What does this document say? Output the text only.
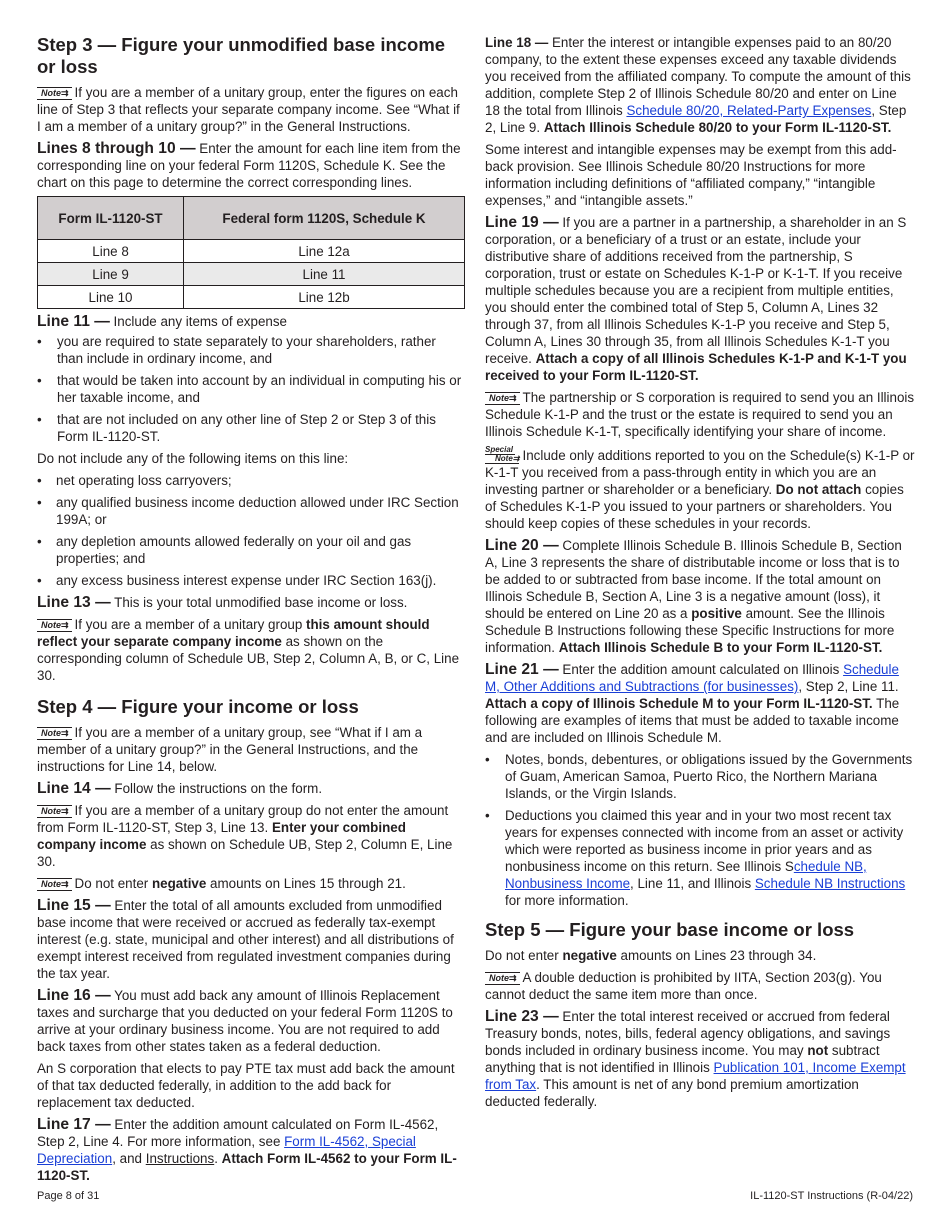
Step 3 — Figure your unmodified base income or loss

Note⇉ If you are a member of a unitary group, enter the figures on each line of Step 3 that reflects your separate company income. See “What if I am a member of a unitary group?” in the General Instructions.

Lines 8 through 10 — Enter the amount for each line item from the corresponding line on your federal Form 1120S, Schedule K. See the chart on this page to determine the correct corresponding lines.

Form IL-1120-ST	Federal form 1120S, Schedule K
Line 8	Line 12a
Line 9	Line 11
Line 10	Line 12b

Line 11 — Include any items of expense

• you are required to state separately to your shareholders, rather than include in ordinary income, and
• that would be taken into account by an individual in computing his or her taxable income, and
• that are not included on any other line of Step 2 or Step 3 of this Form IL-1120-ST.

Do not include any of the following items on this line:

• net operating loss carryovers;
• any qualified business income deduction allowed under IRC Section 199A; or
• any depletion amounts allowed federally on your oil and gas properties; and
• any excess business interest expense under IRC Section 163(j).

Line 13 — This is your total unmodified base income or loss.

Note⇉ If you are a member of a unitary group this amount should reflect your separate company income as shown on the corresponding column of Schedule UB, Step 2, Column A, B, or C, Line 30.

Step 4 — Figure your income or loss

Note⇉ If you are a member of a unitary group, see “What if I am a member of a unitary group?” in the General Instructions, and the instructions for Line 14, below.

Line 14 — Follow the instructions on the form.

Note⇉ If you are a member of a unitary group do not enter the amount from Form IL-1120-ST, Step 3, Line 13. Enter your combined company income as shown on Schedule UB, Step 2, Column E, Line 30.

Note⇉ Do not enter negative amounts on Lines 15 through 21.

Line 15 — Enter the total of all amounts excluded from unmodified base income that were received or accrued as federally tax-exempt interest (e.g. state, municipal and other interest) and all distributions of exempt interest received from regulated investment companies during the tax year.

Line 16 — You must add back any amount of Illinois Replacement taxes and surcharge that you deducted on your federal Form 1120S to arrive at your ordinary business income. You are not required to add back taxes from other states taken as a federal deduction.

An S corporation that elects to pay PTE tax must add back the amount of that tax deducted federally, in addition to the add back for replacement tax deducted.

Line 17 — Enter the addition amount calculated on Form IL-4562, Step 2, Line 4. For more information, see Form IL-4562, Special Depreciation, and Instructions. Attach Form IL-4562 to your Form IL-1120-ST.

Line 18 — Enter the interest or intangible expenses paid to an 80/20 company, to the extent these expenses exceed any taxable dividends you received from the affiliated company. To compute the amount of this addition, complete Step 2 of Illinois Schedule 80/20 and enter on Line 18 the total from Illinois Schedule 80/20, Related-Party Expenses, Step 2, Line 9. Attach Illinois Schedule 80/20 to your Form IL-1120-ST.

Some interest and intangible expenses may be exempt from this add-back provision. See Illinois Schedule 80/20 Instructions for more information including definitions of “affiliated company,” “intangible expenses,” and “intangible assets.”

Line 19 — If you are a partner in a partnership, a shareholder in an S corporation, or a beneficiary of a trust or an estate, include your distributive share of additions received from the partnership, S corporation, trust or estate on Schedules K-1-P or K-1-T. If you receive multiple schedules because you are a recipient from multiple entities, you should enter the combined total of Step 5, Column A, Lines 32 through 37, from all Illinois Schedules K-1-P you receive and Step 5, Column A, Lines 30 through 35, from all Illinois Schedules K-1-T you receive. Attach a copy of all Illinois Schedules K-1-P and K-1-T you received to your Form IL-1120-ST.

Note⇉ The partnership or S corporation is required to send you an Illinois Schedule K-1-P and the trust or the estate is required to send you an Illinois Schedule K-1-T, specifically identifying your share of income.

Special
Note⇉ Include only additions reported to you on the Schedule(s) K-1-P or K-1-T you received from a pass-through entity in which you are an investing partner or shareholder or a beneficiary. Do not attach copies of Schedules K-1-P you issued to your partners or shareholders. You should keep copies of these schedules in your records.

Line 20 — Complete Illinois Schedule B. Illinois Schedule B, Section A, Line 3 represents the share of distributable income or loss that is to be added to or subtracted from base income. If the total amount on Illinois Schedule B, Section A, Line 3 is a negative amount (loss), it should be entered on Line 20 as a positive amount. See the Illinois Schedule B Instructions following these Specific Instructions for more information. Attach Illinois Schedule B to your Form IL-1120-ST.

Line 21 — Enter the addition amount calculated on Illinois Schedule M, Other Additions and Subtractions (for businesses), Step 2, Line 11. Attach a copy of Illinois Schedule M to your Form IL-1120-ST. The following are examples of items that must be added to taxable income and are included on Illinois Schedule M.

• Notes, bonds, debentures, or obligations issued by the Governments of Guam, American Samoa, Puerto Rico, the Northern Mariana Islands, or the Virgin Islands.
• Deductions you claimed this year and in your two most recent tax years for expenses connected with income from an asset or activity which were reported as business income in prior years and as nonbusiness income on this return. See Illinois Schedule NB, Nonbusiness Income, Line 11, and Illinois Schedule NB Instructions for more information.
Step 5 — Figure your base income or loss

Do not enter negative amounts on Lines 23 through 34.

Note⇉ A double deduction is prohibited by IITA, Section 203(g). You cannot deduct the same item more than once.

Line 23 — Enter the total interest received or accrued from federal Treasury bonds, notes, bills, federal agency obligations, and savings bonds included in ordinary business income. You may not subtract anything that is not identified in Illinois Publication 101, Income Exempt from Tax. This amount is net of any bond premium amortization deducted federally.

Page 8 of 31	IL-1120-ST Instructions (R-04/22)
